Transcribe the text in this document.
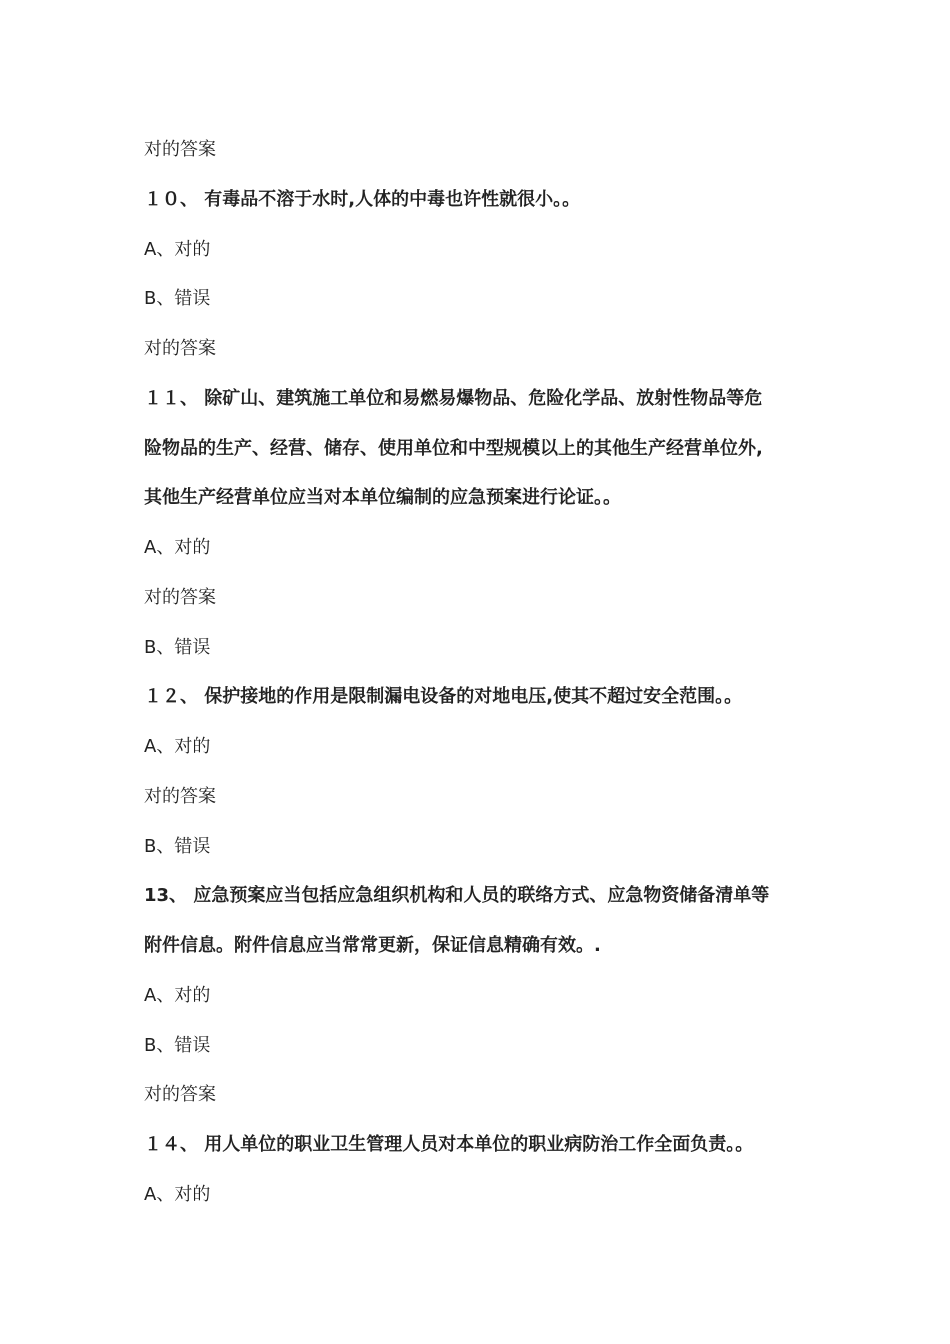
对的答案
１０、 有毒品不溶于水时,人体的中毒也许性就很小。。
A、对的
B、错误
对的答案
１１、 除矿山、建筑施工单位和易燃易爆物品、危险化学品、放射性物品等危
险物品的生产、经营、储存、使用单位和中型规模以上的其他生产经营单位外,
其他生产经营单位应当对本单位编制的应急预案进行论证。。
A、对的
对的答案
B、错误
１２、 保护接地的作用是限制漏电设备的对地电压,使其不超过安全范围。。
A、对的
对的答案
B、错误
13、 应急预案应当包括应急组织机构和人员的联络方式、应急物资储备清单等
附件信息。附件信息应当常常更新，保证信息精确有效。.
A、对的
B、错误
对的答案
１４、 用人单位的职业卫生管理人员对本单位的职业病防治工作全面负责。。
A、对的
